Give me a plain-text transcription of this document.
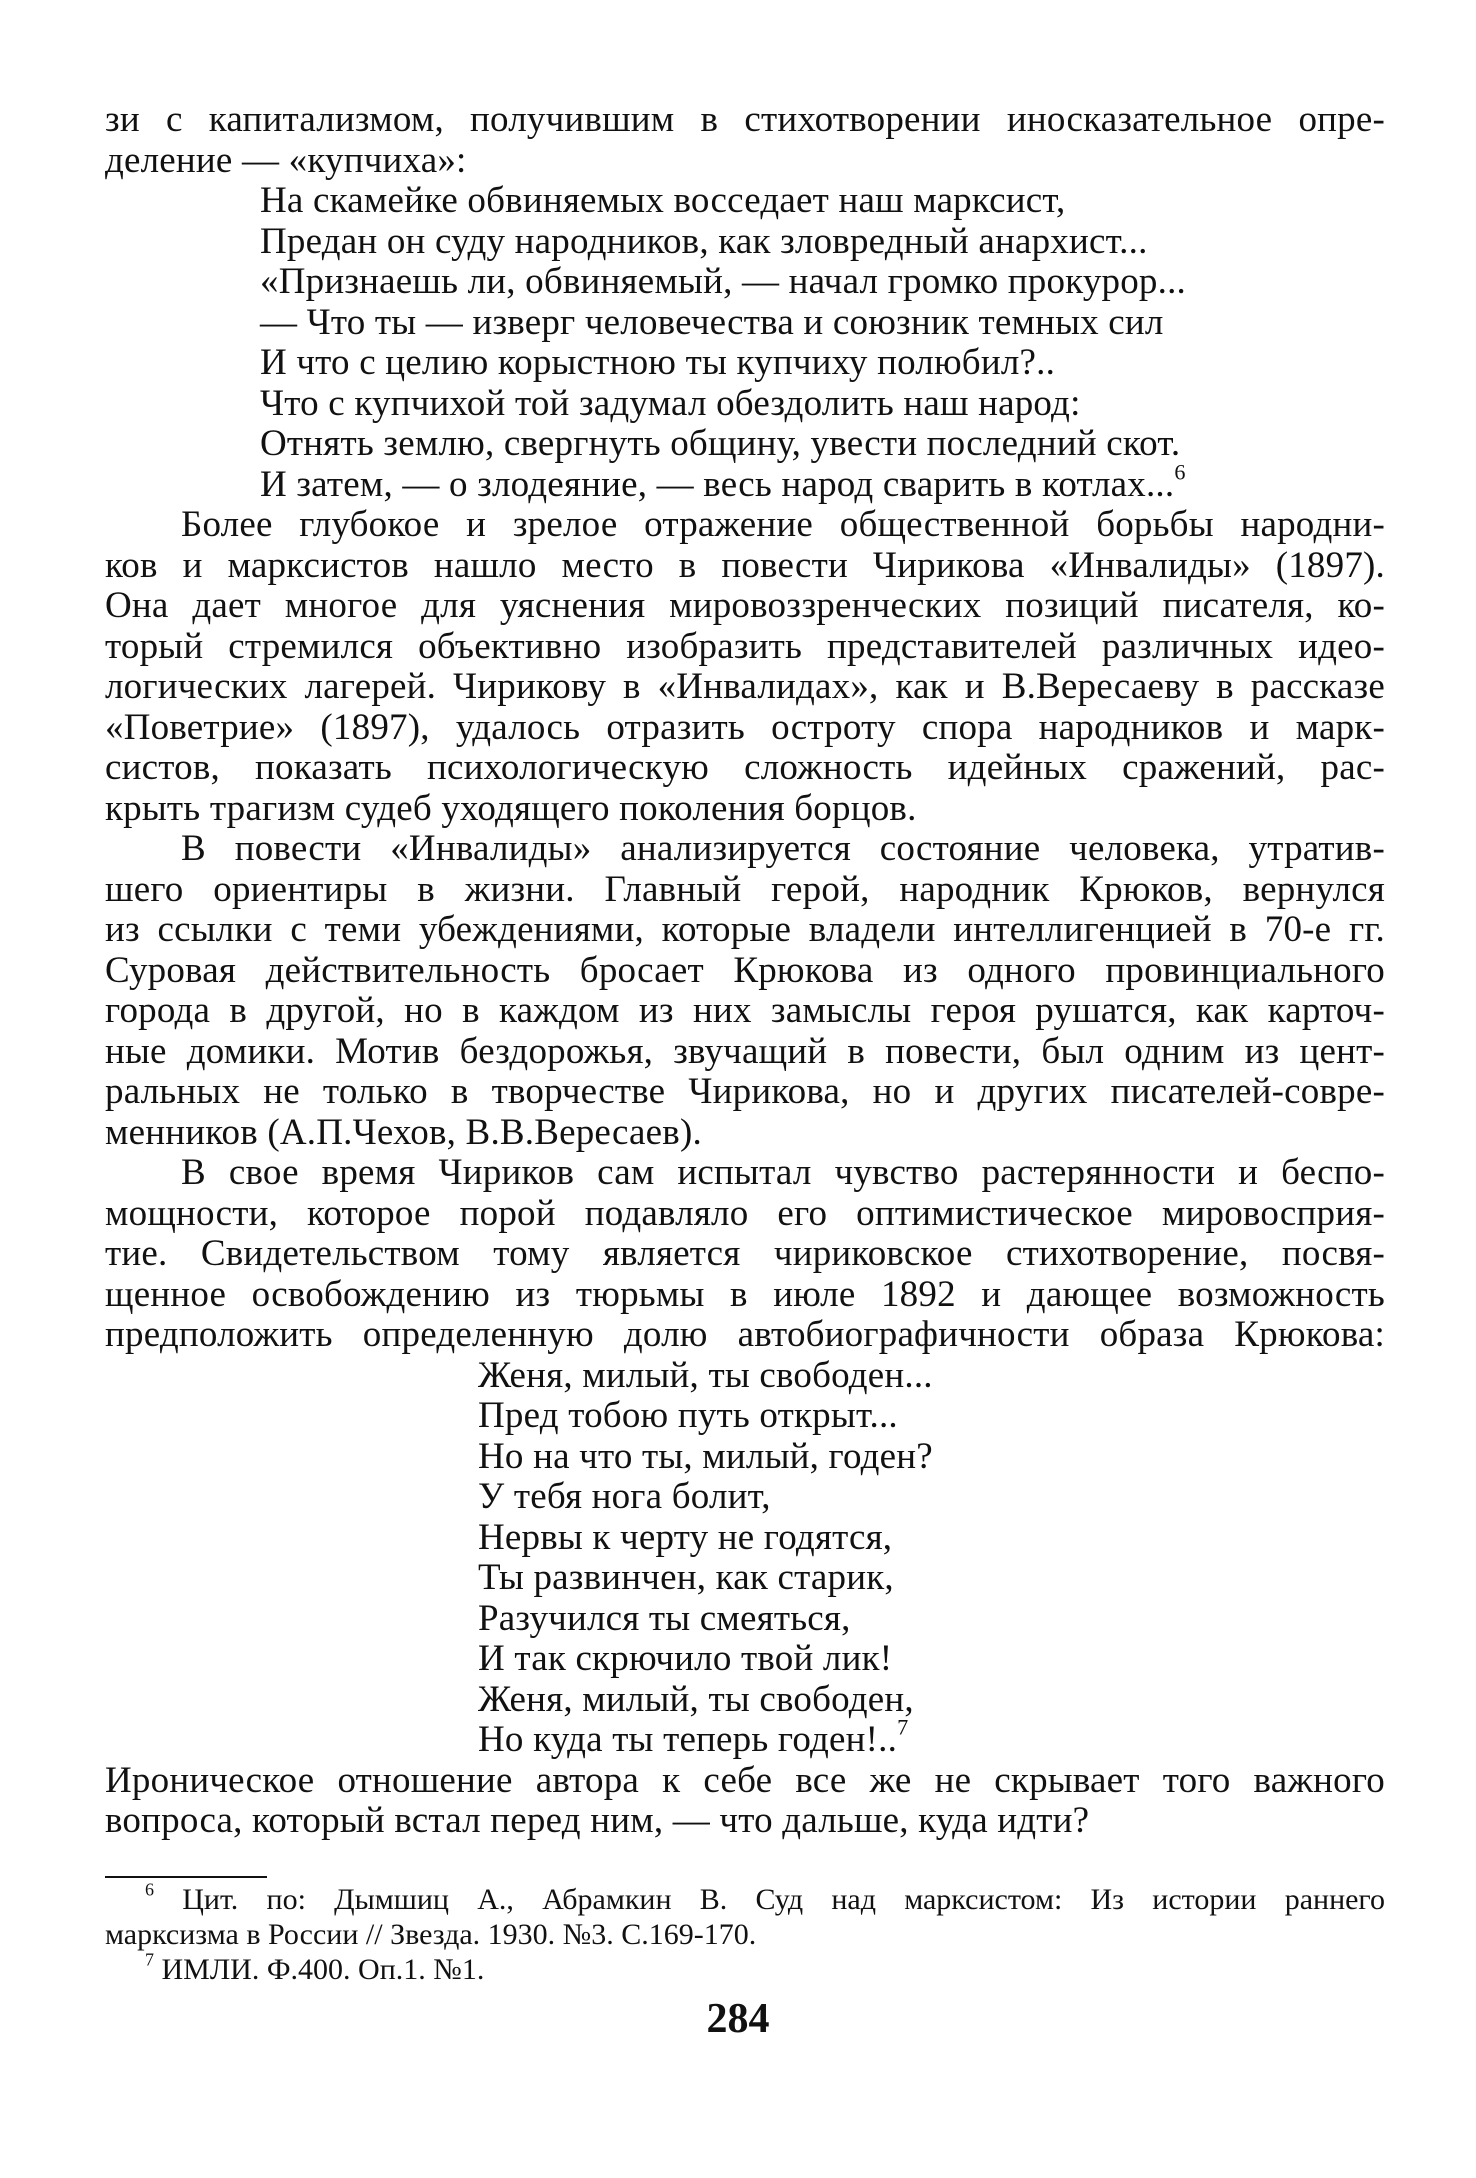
зи с капитализмом, получившим в стихотворении иносказательное опре-
деление — «купчиха»:
На скамейке обвиняемых восседает наш марксист,
Предан он суду народников, как зловредный анархист...
«Признаешь ли, обвиняемый, — начал громко прокурор...
— Что ты — изверг человечества и союзник темных сил
И что с целию корыстною ты купчиху полюбил?..
Что с купчихой той задумал обездолить наш народ:
Отнять землю, свергнуть общину, увести последний скот.
И затем, — о злодеяние, — весь народ сварить в котлах...$^6$
Более глубокое и зрелое отражение общественной борьбы народни-
ков и марксистов нашло место в повести Чирикова «Инвалиды» (1897).
Она дает многое для уяснения мировоззренческих позиций писателя, ко-
торый стремился объективно изобразить представителей различных идео-
логических лагерей. Чирикову в «Инвалидах», как и В.Вересаеву в рассказе
«Поветрие» (1897), удалось отразить остроту спора народников и марк-
систов, показать психологическую сложность идейных сражений, рас-
крыть трагизм судеб уходящего поколения борцов.
В повести «Инвалиды» анализируется состояние человека, утратив-
шего ориентиры в жизни. Главный герой, народник Крюков, вернулся
из ссылки с теми убеждениями, которые владели интеллигенцией в 70-е гг.
Суровая действительность бросает Крюкова из одного провинциального
города в другой, но в каждом из них замыслы героя рушатся, как карточ-
ные домики. Мотив бездорожья, звучащий в повести, был одним из цент-
ральных не только в творчестве Чирикова, но и других писателей-совре-
менников (А.П.Чехов, В.В.Вересаев).
В свое время Чириков сам испытал чувство растерянности и беспо-
мощности, которое порой подавляло его оптимистическое мировосприя-
тие. Свидетельством тому является чириковское стихотворение, посвя-
щенное освобождению из тюрьмы в июле 1892 и дающее возможность
предположить определенную долю автобиографичности образа Крюкова:
Женя, милый, ты свободен...
Пред тобою путь открыт...
Но на что ты, милый, годен?
У тебя нога болит,
Нервы к черту не годятся,
Ты развинчен, как старик,
Разучился ты смеяться,
И так скрючило твой лик!
Женя, милый, ты свободен,
Но куда ты теперь годен!..$^7$
Ироническое отношение автора к себе все же не скрывает того важного
вопроса, который встал перед ним, — что дальше, куда идти?
$^6$ Цит. по: Дымшиц А., Абрамкин В. Суд над марксистом: Из истории раннего
марксизма в России // Звезда. 1930. №3. С.169-170.
$^7$ ИМЛИ. Ф.400. Оп.1. №1.
284
